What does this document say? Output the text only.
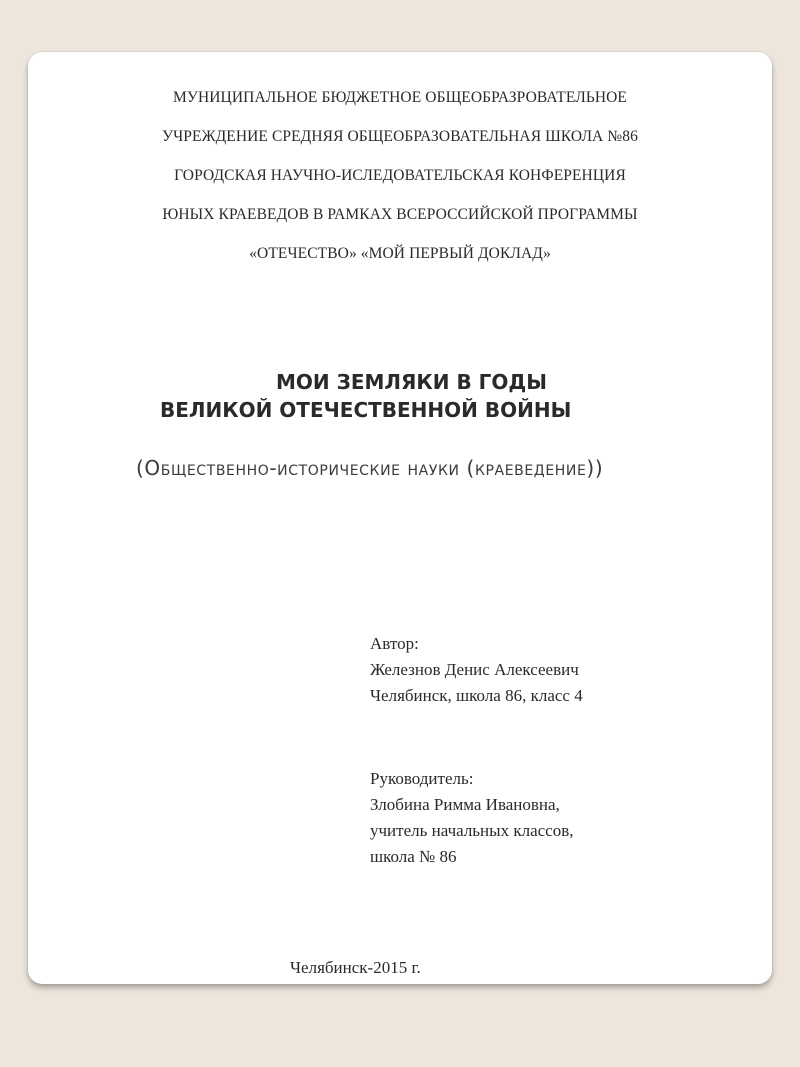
МУНИЦИПАЛЬНОЕ БЮДЖЕТНОЕ ОБЩЕОБРАЗРОВАТЕЛЬНОЕ
УЧРЕЖДЕНИЕ СРЕДНЯЯ ОБЩЕОБРАЗОВАТЕЛЬНАЯ ШКОЛА №86
ГОРОДСКАЯ НАУЧНО-ИСЛЕДОВАТЕЛЬСКАЯ КОНФЕРЕНЦИЯ
ЮНЫХ КРАЕВЕДОВ В РАМКАХ ВСЕРОССИЙСКОЙ ПРОГРАММЫ
«ОТЕЧЕСТВО» «МОЙ ПЕРВЫЙ ДОКЛАД»
МОИ ЗЕМЛЯКИ В ГОДЫ
ВЕЛИКОЙ ОТЕЧЕСТВЕННОЙ ВОЙНЫ
(Общественно-исторические науки (краеведение))
Автор:
Железнов Денис Алексеевич
Челябинск, школа 86, класс 4
Руководитель:
Злобина Римма Ивановна,
учитель начальных классов,
школа № 86
Челябинск-2015 г.
